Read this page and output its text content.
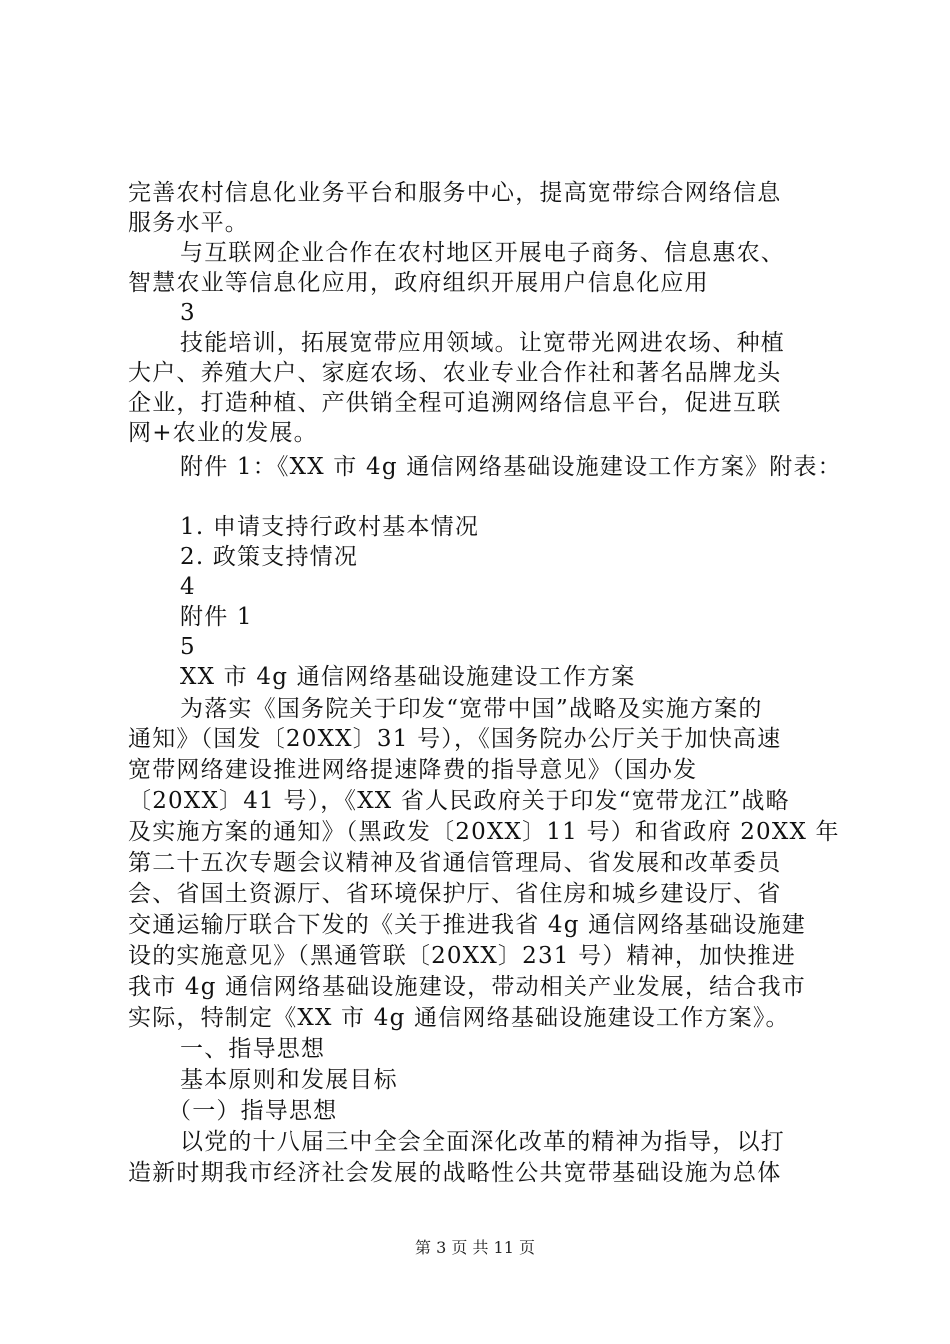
完善农村信息化业务平台和服务中心，提高宽带综合网络信息
服务水平。
与互联网企业合作在农村地区开展电子商务、信息惠农、
智慧农业等信息化应用，政府组织开展用户信息化应用
3
技能培训，拓展宽带应用领域。让宽带光网进农场、种植
大户、养殖大户、家庭农场、农业专业合作社和著名品牌龙头
企业，打造种植、产供销全程可追溯网络信息平台，促进互联
网+农业的发展。
附件 1：《XX 市 4g 通信网络基础设施建设工作方案》附表：
1. 申请支持行政村基本情况
2. 政策支持情况
4
附件 1
5
XX 市 4g 通信网络基础设施建设工作方案
为落实《国务院关于印发“宽带中国”战略及实施方案的
通知》（国发〔20XX〕31 号），《国务院办公厅关于加快高速
宽带网络建设推进网络提速降费的指导意见》（国办发
〔20XX〕41 号），《XX 省人民政府关于印发“宽带龙江”战略
及实施方案的通知》（黑政发〔20XX〕11 号）和省政府 20XX 年
第二十五次专题会议精神及省通信管理局、省发展和改革委员
会、省国土资源厅、省环境保护厅、省住房和城乡建设厅、省
交通运输厅联合下发的《关于推进我省 4g 通信网络基础设施建
设的实施意见》（黑通管联〔20XX〕231 号）精神，加快推进
我市 4g 通信网络基础设施建设，带动相关产业发展，结合我市
实际，特制定《XX 市 4g 通信网络基础设施建设工作方案》。
一、指导思想
基本原则和发展目标
（一）指导思想
以党的十八届三中全会全面深化改革的精神为指导，以打
造新时期我市经济社会发展的战略性公共宽带基础设施为总体
第 3 页 共 11 页
